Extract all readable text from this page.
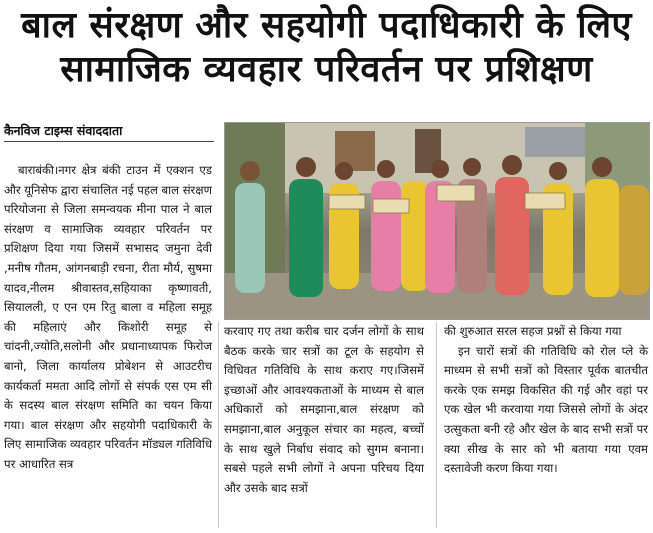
बाल संरक्षण और सहयोगी पदाधिकारी के लिए
सामाजिक व्यवहार परिवर्तन पर प्रशिक्षण
कैनविज टाइम्स संवाददाता

बाराबंकी।नगर क्षेत्र बंकी टाउन में एक्शन एड और यूनिसेफ द्वारा संचालित नई पहल बाल संरक्षण परियोजना से जिला समन्वयक मीना पाल ने बाल संरक्षण व सामाजिक व्यवहार परिवर्तन पर प्रशिक्षण दिया गया जिसमें सभासद जमुना देवी ,मनीष गौतम, आंगनबाड़ी रचना, रीता मौर्य, सुषमा यादव,नीलम श्रीवास्तव,सहियाका कृष्णावती, सियालली, ए एन एम रितु बाला व महिला समूह की महिलाएं और किशोरी समूह से चांदनी,ज्योति,सलोनी और प्रधानाध्यापक फिरोज बानो, जिला कार्यालय प्रोबेशन से आउटरीच कार्यकर्ता ममता आदि लोगों से संपर्क एस एम सी के सदस्य बाल संरक्षण समिति का चयन किया गया। बाल संरक्षण और सहयोगी पदाधिकारी के लिए सामाजिक व्यवहार परिवर्तन मॉड्यल गतिविधि पर आधारित सत्र

करवाए गए तथा करीब चार दर्जन लोगों के साथ बैठक करके चार सत्रों का टूल के सहयोग से विधिवत गतिविधि के साथ कराए गए।जिसमें इच्छाओं और आवश्यकताओं के माध्यम से बाल अधिकारों को समझाना,बाल संरक्षण को समझाना,बाल अनुकूल संचार का महत्व, बच्चों के साथ खुले निर्बाध संवाद को सुगम बनाना।सबसे पहले सभी लोगों ने अपना परिचय दिया और उसके बाद सत्रों

की शुरुआत सरल सहज प्रश्नों से किया गया

इन चारों सत्रों की गतिविधि को रोल प्ले के माध्यम से सभी सत्रों को विस्तार पूर्वक बातचीत करके एक समझ विकसित की गई और वहां पर एक खेल भी करवाया गया जिससे लोगों के अंदर उत्सुकता बनी रहे और खेल के बाद सभी सत्रों पर क्या सीख के सार को भी बताया गया एवम दस्तावेजी करण किया गया।
